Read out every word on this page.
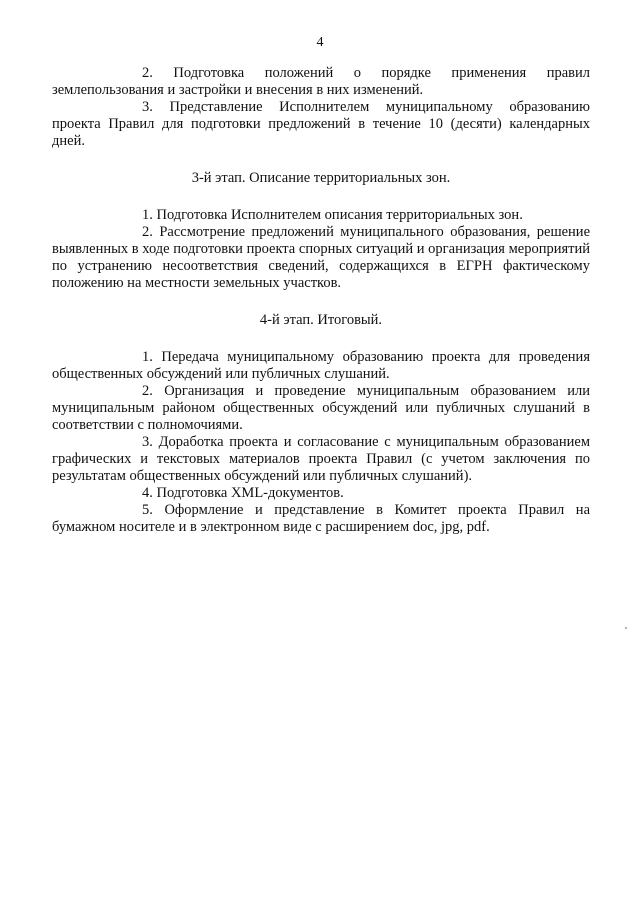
4

2. Подготовка положений о порядке применения правил землепользования и застройки и внесения в них изменений.

3. Представление Исполнителем муниципальному образованию проекта Правил для подготовки предложений в течение 10 (десяти) календарных дней.

3-й этап. Описание территориальных зон.

1. Подготовка Исполнителем описания территориальных зон.

2. Рассмотрение предложений муниципального образования, решение выявленных в ходе подготовки проекта спорных ситуаций и организация мероприятий по устранению несоответствия сведений, содержащихся в ЕГРН фактическому положению на местности земельных участков.

4-й этап. Итоговый.

1. Передача муниципальному образованию проекта для проведения общественных обсуждений или публичных слушаний.

2. Организация и проведение муниципальным образованием или муниципальным районом общественных обсуждений или публичных слушаний в соответствии с полномочиями.

3. Доработка проекта и согласование с муниципальным образованием графических и текстовых материалов проекта Правил (с учетом заключения по результатам общественных обсуждений или публичных слушаний).

4. Подготовка XML-документов.

5. Оформление и представление в Комитет проекта Правил на бумажном носителе и в электронном виде с расширением doc, jpg, pdf.
